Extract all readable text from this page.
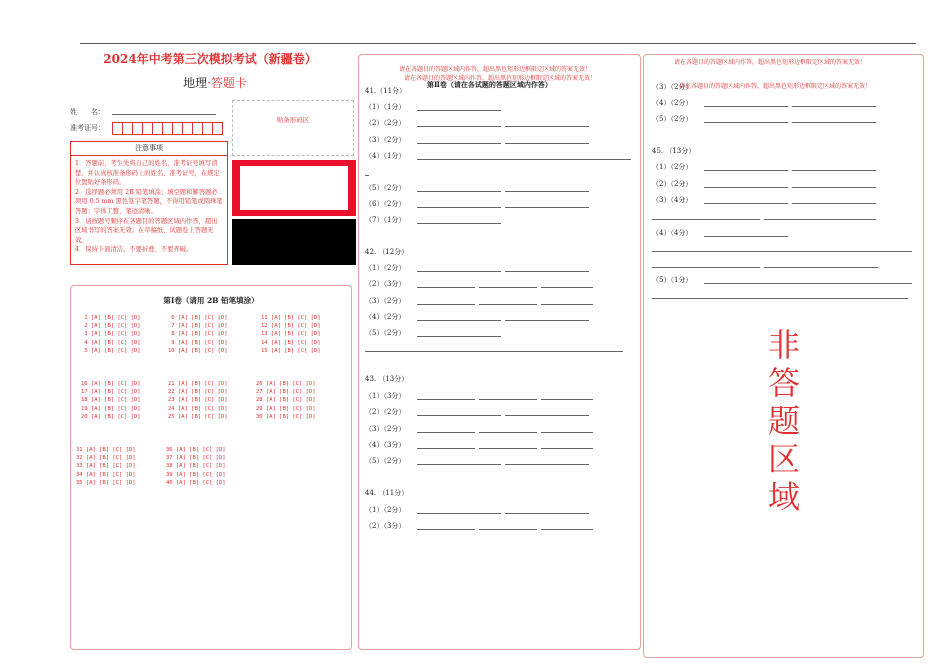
2024年中考第三次模拟考试（新疆卷）
地理·答题卡
姓　　名：
准考证号：
注意事项
1．答题前，考生先将自己的姓名，准考证号填写清楚，并认真核准条形码上的姓名、准考证号，在规定位置贴好条形码。
2．选择题必须用 2B 铅笔填涂；填空题和解答题必须用 0.5 mm 黑色签字笔答题，不得用铅笔或圆珠笔答题；字体工整、笔迹清晰。
3．请按题号顺序在各题目的答题区域内作答，超出区域书写的答案无效；在草稿纸、试题卷上答题无效。
4．保持卡面清洁，不要折叠、不要弄破。
贴条形码区
第Ⅰ卷（请用 2B 铅笔填涂）
1 [A] [B] [C] [D]
2 [A] [B] [C] [D]
3 [A] [B] [C] [D]
4 [A] [B] [C] [D]
5 [A] [B] [C] [D]
6 [A] [B] [C] [D]
7 [A] [B] [C] [D]
8 [A] [B] [C] [D]
9 [A] [B] [C] [D]
10 [A] [B] [C] [D]
11 [A] [B] [C] [D]
12 [A] [B] [C] [D]
13 [A] [B] [C] [D]
14 [A] [B] [C] [D]
15 [A] [B] [C] [D]
16 [A] [B] [C] [D]
17 [A] [B] [C] [D]
18 [A] [B] [C] [D]
19 [A] [B] [C] [D]
20 [A] [B] [C] [D]
21 [A] [B] [C] [D]
22 [A] [B] [C] [D]
23 [A] [B] [C] [D]
24 [A] [B] [C] [D]
25 [A] [B] [C] [D]
26 [A] [B] [C] [D]
27 [A] [B] [C] [D]
28 [A] [B] [C] [D]
29 [A] [B] [C] [D]
30 [A] [B] [C] [D]
31 [A] [B] [C] [D]
32 [A] [B] [C] [D]
33 [A] [B] [C] [D]
34 [A] [B] [C] [D]
35 [A] [B] [C] [D]
36 [A] [B] [C] [D]
37 [A] [B] [C] [D]
38 [A] [B] [C] [D]
39 [A] [B] [C] [D]
40 [A] [B] [C] [D]
请在各题目的答题区域内作答，超出黑色矩形边框限定区域的答案无效！
请在各题目的答题区域内作答，超出黑色矩形边框限定区域的答案无效！
第Ⅱ卷（请在各试题的答题区域内作答）
41.（11分）
（1）（1分）
（2）（2分）
（3）（2分）
（4）（1分）
（5）（2分）
（6）（2分）
（7）（1分）
42. （12分）
（1）（2分）
（2）（3分）
（3）（2分）
（4）（2分）
（5）（2分）
43. （13分）
（1）（3分）
（2）（2分）
（3）（2分）
（4）（3分）
（5）（2分）
44. （11分）
（1）（2分）
（2）（3分）
请在各题目的答题区域内作答，超出黑色矩形边框限定区域的答案无效！
请在各题目的答题区域内作答，超出黑色矩形边框限定区域的答案无效！
（3）（2分）
（4）（2分）
（5）（2分）
45. （13分）
（1）（2分）
（2）（2分）
（3）（4分）
（4）（4分）
（5）（1分）
非答题区域
